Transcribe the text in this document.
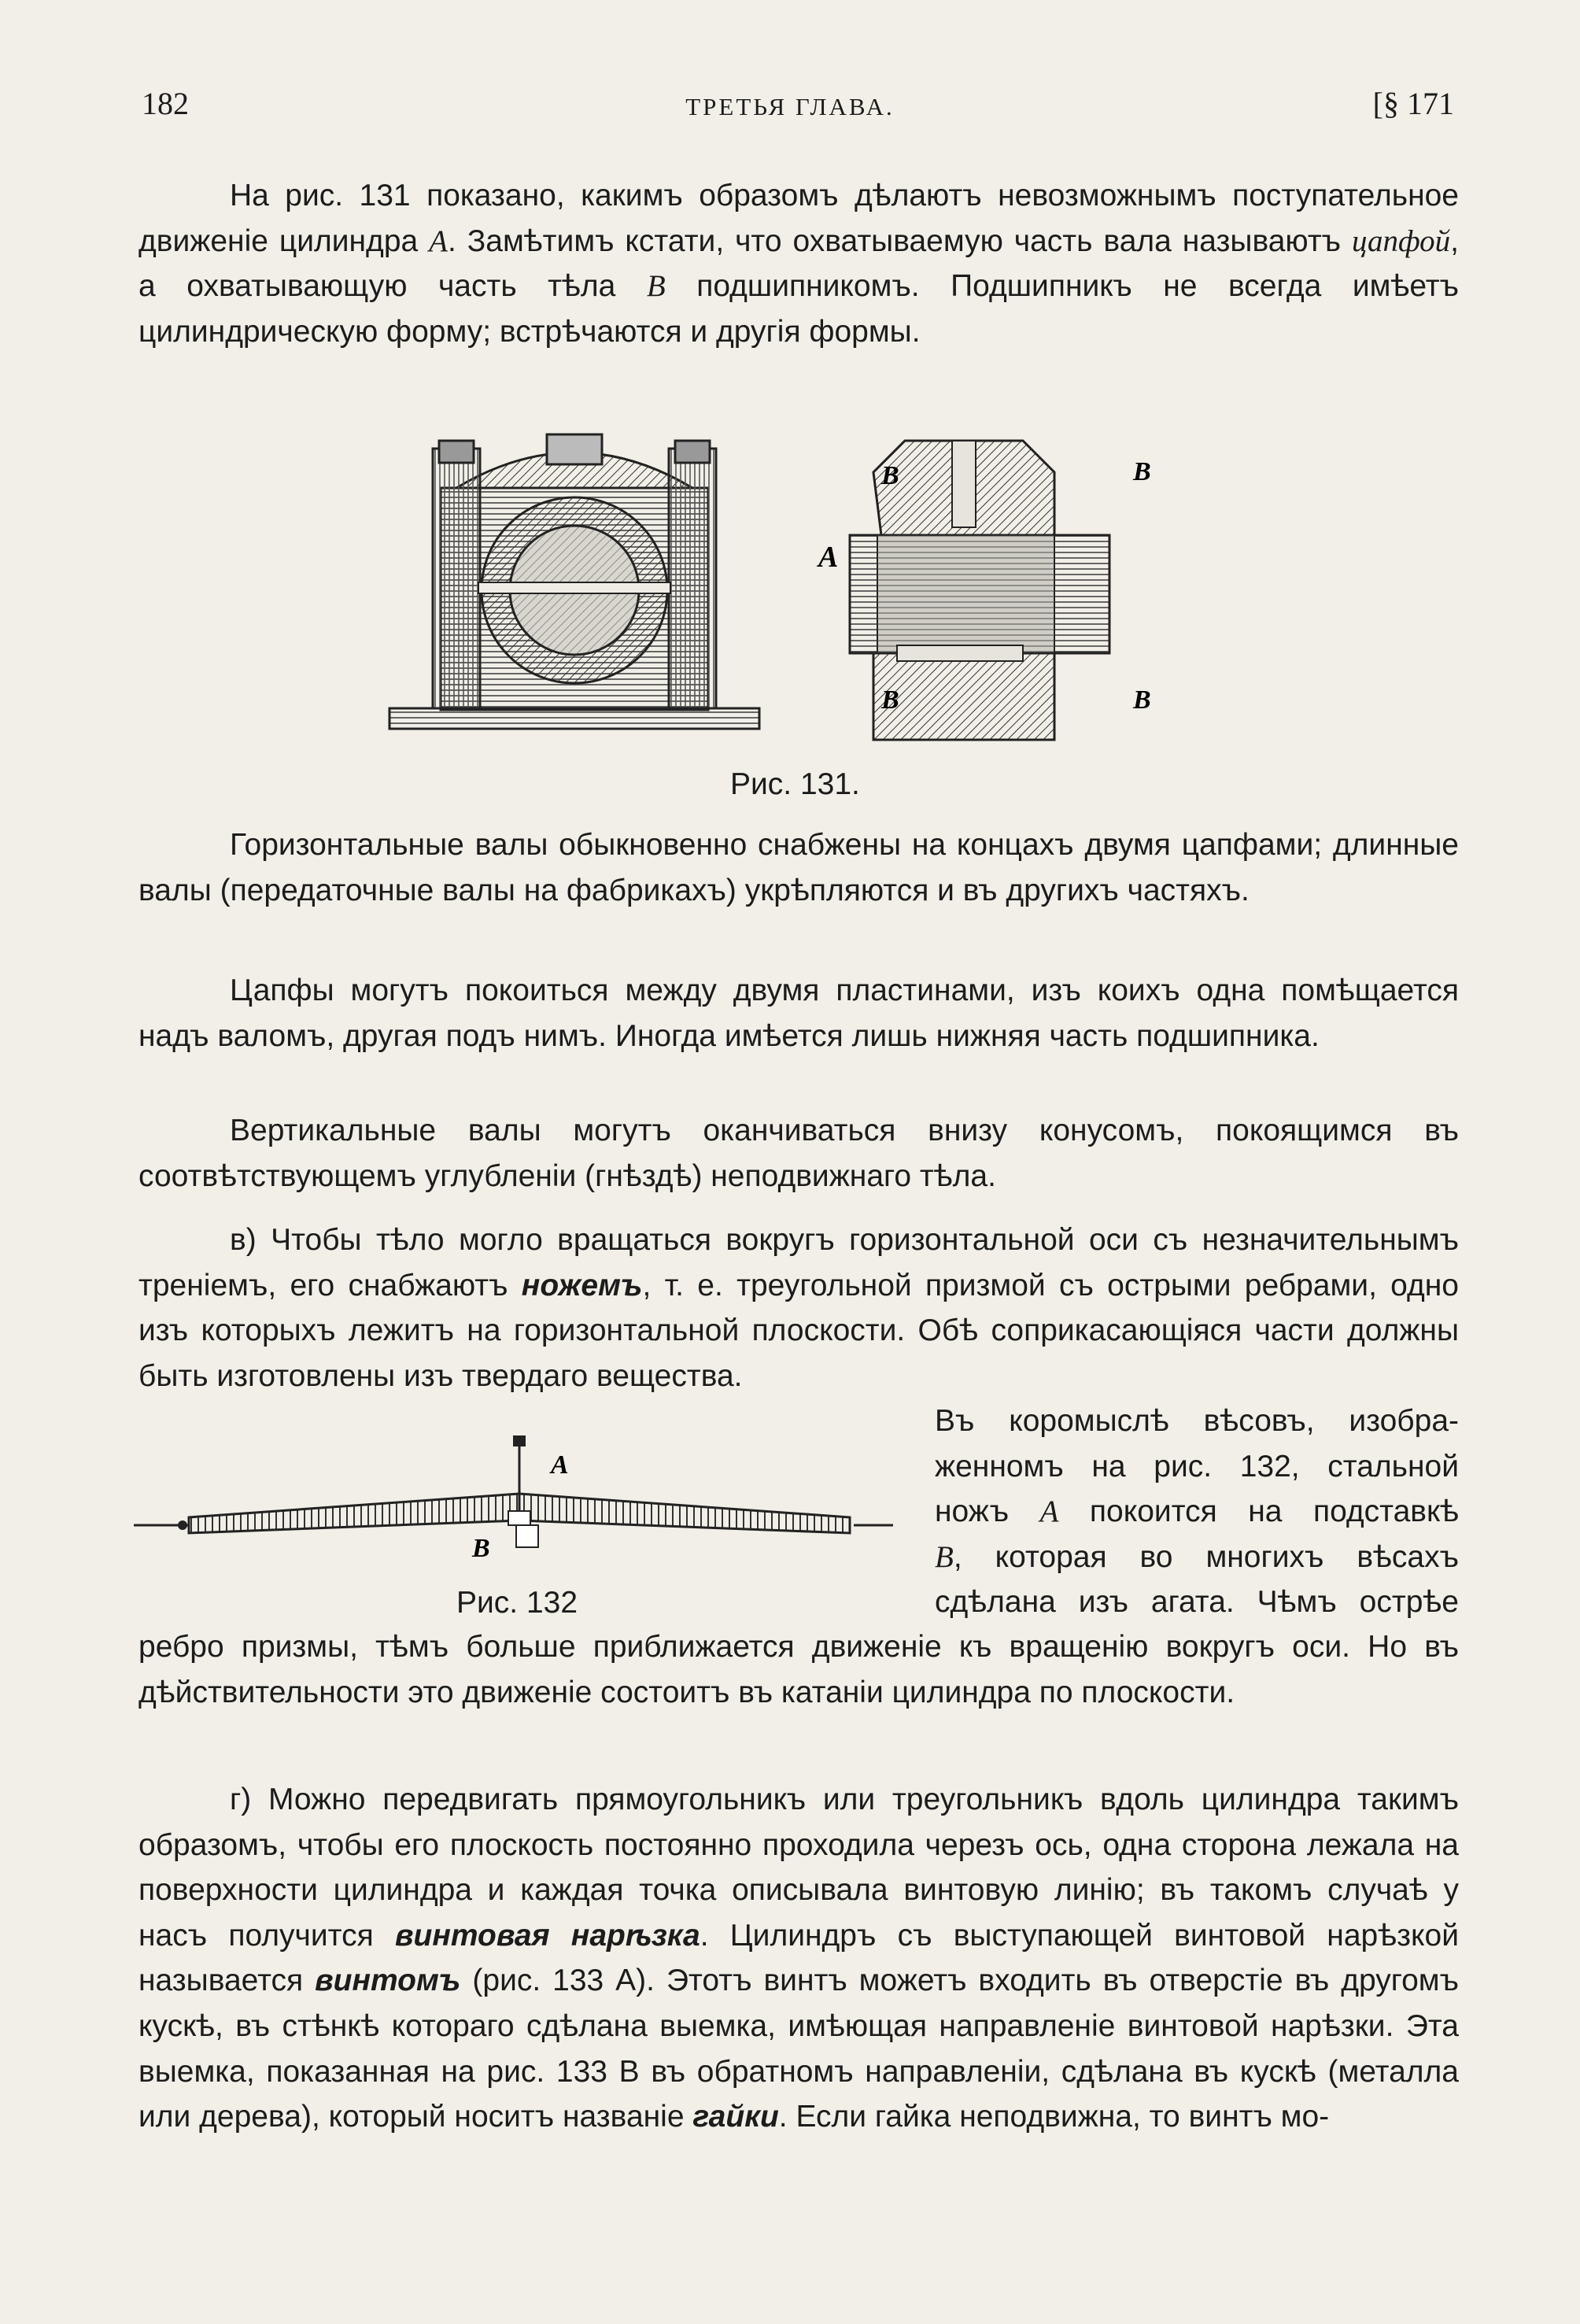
182	ТРЕТЬЯ ГЛАВА.	[§ 171

На рис. 131 показано, какимъ образомъ дѣлаютъ невозможнымъ поступательное движенiе цилиндра A. Замѣтимъ кстати, что охватываемую часть вала называютъ цапфой, а охватывающую часть тѣла B подшипникомъ. Подшипникъ не всегда имѣетъ цилиндрическую форму; встрѣчаются и другiя формы.

A
B	B
B	B
Рис. 131.

Горизонтальные валы обыкновенно снабжены на концахъ двумя цапфами; длинные валы (передаточные валы на фабрикахъ) укрѣпляются и въ другихъ частяхъ.

Цапфы могутъ покоиться между двумя пластинами, изъ коихъ одна помѣщается надъ валомъ, другая подъ нимъ. Иногда имѣется лишь нижняя часть подшипника.

Вертикальные валы могутъ оканчиваться внизу конусомъ, покоящимся въ соотвѣтствующемъ углубленiи (гнѣздѣ) неподвижнаго тѣла.

в) Чтобы тѣло могло вращаться вокругъ горизонтальной оси съ незначительнымъ тренiемъ, его снабжаютъ ножемъ, т. е. треугольной призмой съ острыми ребрами, одно изъ которыхъ лежитъ на горизонтальной плоскости. Обѣ соприкасающiяся части должны быть изготовлены изъ твердаго вещества.

Въ коромыслѣ вѣсовъ, изобра-
женномъ на рис. 132, стальной
ножъ A покоится на подставкѣ
B, которая во многихъ вѣсахъ
сдѣлана изъ агата. Чѣмъ острѣе
A
B
Рис. 132

ребро призмы, тѣмъ больше приближается движенiе къ вращенiю вокругъ оси. Но въ дѣйствительности это движенiе состоитъ въ катанiи цилиндра по плоскости.

г) Можно передвигать прямоугольникъ или треугольникъ вдоль цилиндра такимъ образомъ, чтобы его плоскость постоянно проходила черезъ ось, одна сторона лежала на поверхности цилиндра и каждая точка описывала винтовую линiю; въ такомъ случаѣ у насъ получится винтовая нарѣзка. Цилиндръ съ выступающей винтовой нарѣзкой называется винтомъ (рис. 133 А). Этотъ винтъ можетъ входить въ отверстiе въ другомъ кускѣ, въ стѣнкѣ котораго сдѣлана выемка, имѣющая направленiе винтовой нарѣзки. Эта выемка, показанная на рис. 133 В въ обратномъ направленiи, сдѣлана въ кускѣ (металла или дерева), который носитъ названiе гайки. Если гайка неподвижна, то винтъ мо-
